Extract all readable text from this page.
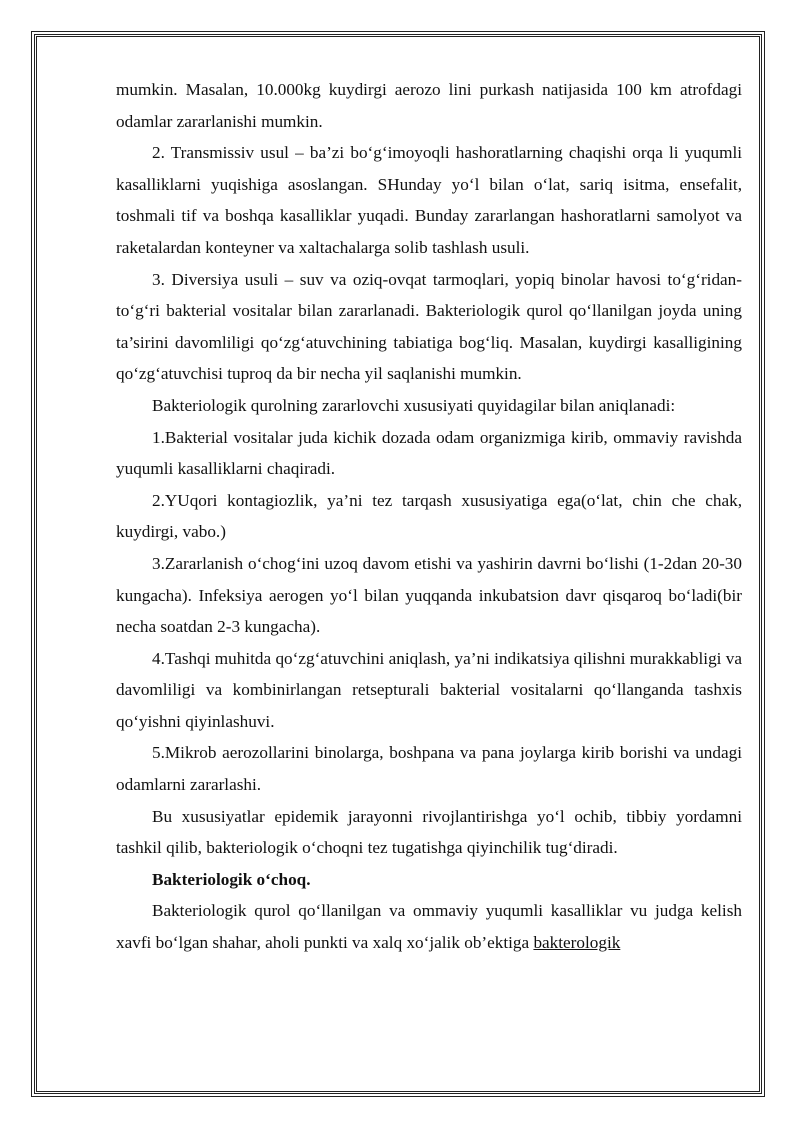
mumkin. Masalan, 10.000kg kuydirgi aerozo lini purkash natijasida 100 km atrofdagi odamlar zararlanishi mumkin.

2. Transmissiv usul – ba’zi bo‘g‘imoyoqli hashoratlarning chaqishi orqa li yuqumli kasalliklarni yuqishiga asoslangan. SHunday yo‘l bilan o‘lat, sariq isitma, ensefalit, toshmali tif va boshqa kasalliklar yuqadi. Bunday zararlangan hashoratlarni samolyot va raketalardan konteyner va xaltachalarga solib tashlash usuli.

3. Diversiya usuli – suv va oziq-ovqat tarmoqlari, yopiq binolar havosi to‘g‘ridan-to‘g‘ri bakterial vositalar bilan zararlanadi. Bakteriologik qurol qo‘llanilgan joyda uning ta’sirini davomliligi qo‘zg‘atuvchining tabiatiga bog‘liq. Masalan, kuydirgi kasalligining qo‘zg‘atuvchisi tuproq da bir necha yil saqlanishi mumkin.

Bakteriologik qurolning zararlovchi xususiyati quyidagilar bilan aniqlanadi:

1.Bakterial vositalar juda kichik dozada odam organizmiga kirib, ommaviy ravishda yuqumli kasalliklarni chaqiradi.

2.YUqori kontagiozlik, ya’ni tez tarqash xususiyatiga ega(o‘lat, chin che chak, kuydirgi, vabo.)

3.Zararlanish o‘chog‘ini uzoq davom etishi va yashirin davrni bo‘lishi (1-2dan 20-30 kungacha). Infeksiya aerogen yo‘l bilan yuqqanda inkubatsion davr qisqaroq bo‘ladi(bir necha soatdan 2-3 kungacha).

4.Tashqi muhitda qo‘zg‘atuvchini aniqlash, ya’ni indikatsiya qilishni murakkabligi va davomliligi va kombinirlangan retsepturali bakterial vositalarni qo‘llanganda tashxis qo‘yishni qiyinlashuvi.

5.Mikrob aerozollarini binolarga, boshpana va pana joylarga kirib borishi va undagi odamlarni zararlashi.

Bu xususiyatlar epidemik jarayonni rivojlantirishga yo‘l ochib, tibbiy yordamni tashkil qilib, bakteriologik o‘choqni tez tugatishga qiyinchilik tug‘diradi.

Bakteriologik o‘choq.

Bakteriologik qurol qo‘llanilgan va ommaviy yuqumli kasalliklar vu judga kelish xavfi bo‘lgan shahar, aholi punkti va xalq xo‘jalik ob’ektiga bakterologik
